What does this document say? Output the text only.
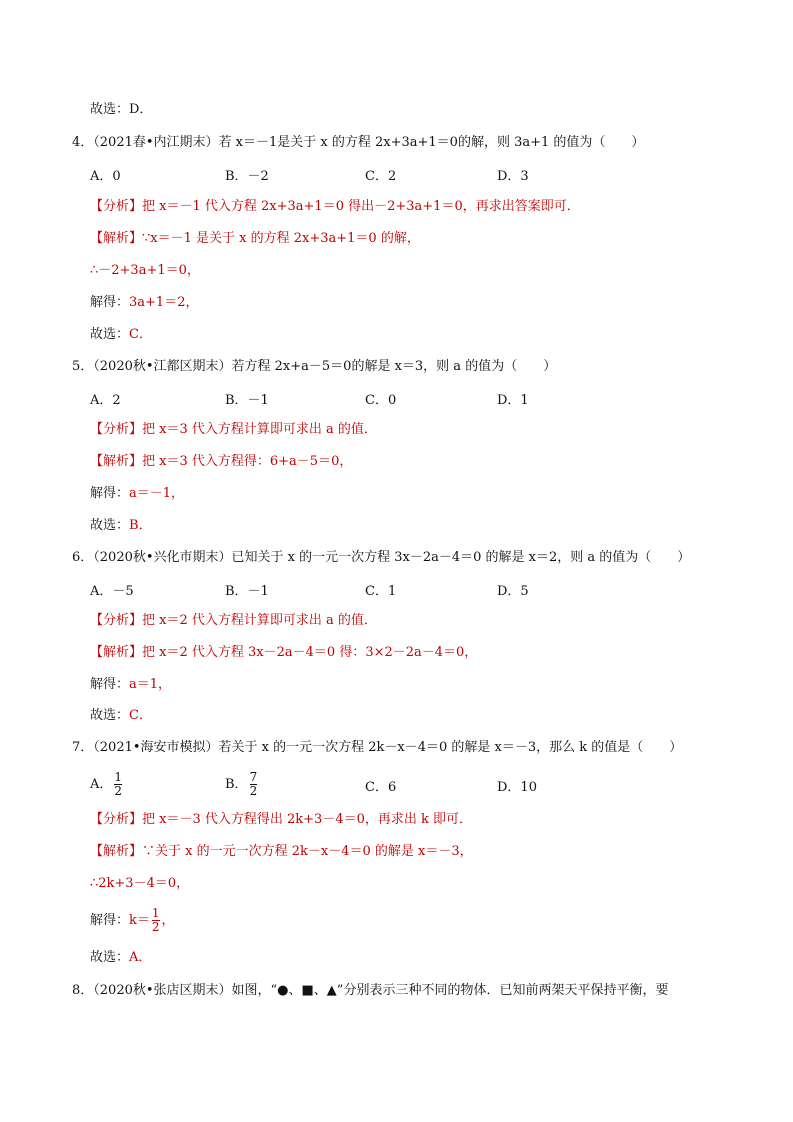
故选：D．
4．（2021春•内江期末）若 x＝－1是关于 x 的方程 2x+3a+1＝0的解，则 3a+1 的值为（　　）
A．0	B．－2	C．2	D．3
【分析】把 x＝－1 代入方程 2x+3a+1＝0 得出－2+3a+1＝0，再求出答案即可．
【解析】∵x＝－1 是关于 x 的方程 2x+3a+1＝0 的解，
∴－2+3a+1＝0，
解得：3a+1＝2，
故选：C．
5．（2020秋•江都区期末）若方程 2x+a－5＝0的解是 x＝3，则 a 的值为（　　）
A．2	B．－1	C．0	D．1
【分析】把 x＝3 代入方程计算即可求出 a 的值．
【解析】把 x＝3 代入方程得：6+a－5＝0，
解得：a＝－1，
故选：B．
6．（2020秋•兴化市期末）已知关于 x 的一元一次方程 3x－2a－4＝0 的解是 x＝2，则 a 的值为（　　）
A．－5	B．－1	C．1	D．5
【分析】把 x＝2 代入方程计算即可求出 a 的值．
【解析】把 x＝2 代入方程 3x－2a－4＝0 得：3×2－2a－4＝0，
解得：a＝1，
故选：C．
7．（2021•海安市模拟）若关于 x 的一元一次方程 2k－x－4＝0 的解是 x＝－3，那么 k 的值是（　　）
A． $\frac{1}{2}$	B． $\frac{7}{2}$	C．6	D．10
【分析】把 x＝－3 代入方程得出 2k+3－4＝0，再求出 k 即可．
【解析】∵关于 x 的一元一次方程 2k－x－4＝0 的解是 x＝－3，
∴2k+3－4＝0，
解得：$k= \frac{1}{2}$ ，
故选：A．
8．（2020秋•张店区期末）如图，“●、■、▲”分别表示三种不同的物体．已知前两架天平保持平衡，要
